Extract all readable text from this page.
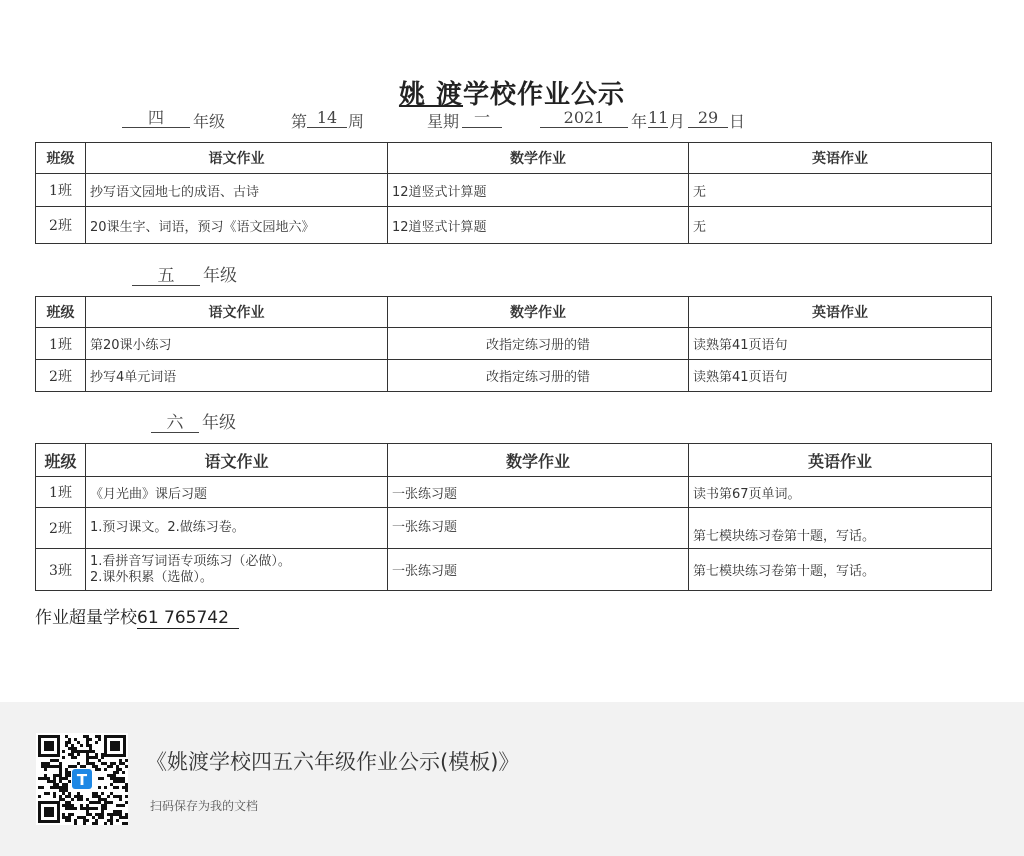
姚 渡学校作业公示
四	年级	第 14 周	星期 一	2021	年 11 月 29 日
班级	语文作业	数学作业	英语作业
1班	抄写语文园地七的成语、古诗	12道竖式计算题	无
2班	20课生字、词语，预习《语文园地六》	12道竖式计算题	无
五 年级
班级	语文作业	数学作业	英语作业
1班	第20课小练习	改指定练习册的错	读熟第41页语句
2班	抄写4单元词语	改指定练习册的错	读熟第41页语句
六 年级
班级	语文作业	数学作业	英语作业
1班	《月光曲》课后习题	一张练习题	读书第67页单词。
2班	1.预习课文。2.做练习卷。	一张练习题	第七模块练习卷第十题，写话。
3班	1.看拼音写词语专项练习（必做）。
2.课外积累（选做）。	一张练习题	第七模块练习卷第十题，写话。
作业超量学校61 765742
T
《姚渡学校四五六年级作业公示(模板)》
扫码保存为我的文档
